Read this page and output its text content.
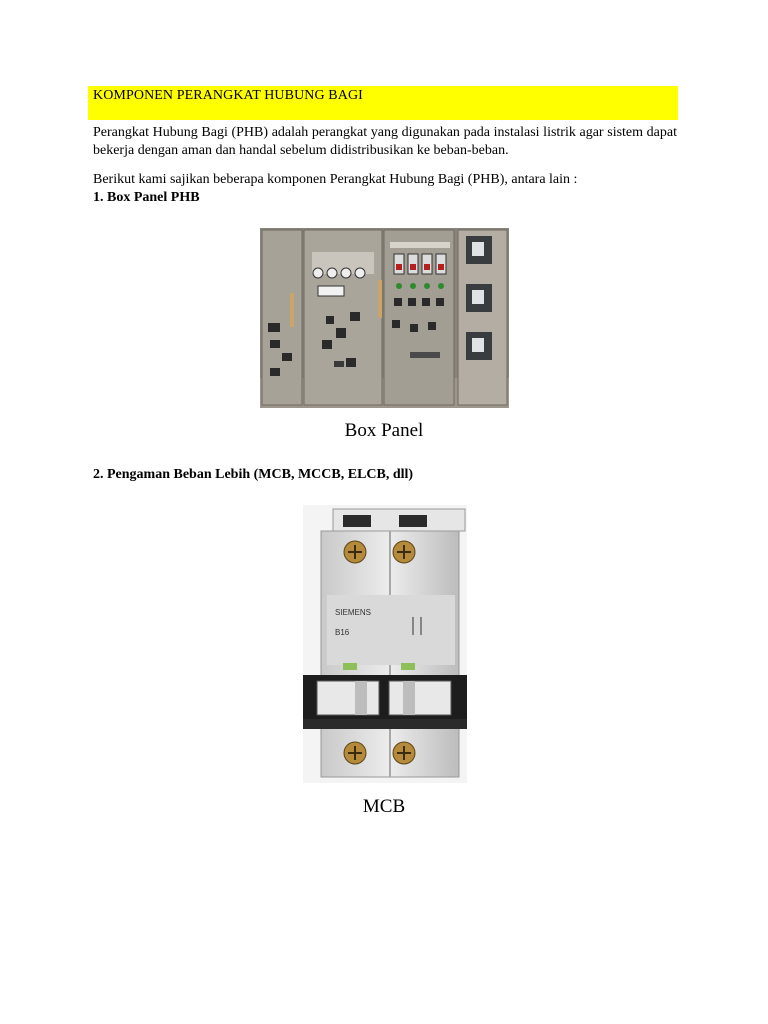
KOMPONEN PERANGKAT HUBUNG BAGI
Perangkat Hubung Bagi (PHB) adalah perangkat yang digunakan pada instalasi listrik agar sistem dapat bekerja dengan aman dan handal sebelum didistribusikan ke beban-beban.
Berikut kami sajikan beberapa komponen Perangkat Hubung Bagi (PHB), antara lain :
1. Box Panel PHB
Box Panel
2. Pengaman Beban Lebih (MCB, MCCB, ELCB, dll)
SIEMENS
B16
MCB
